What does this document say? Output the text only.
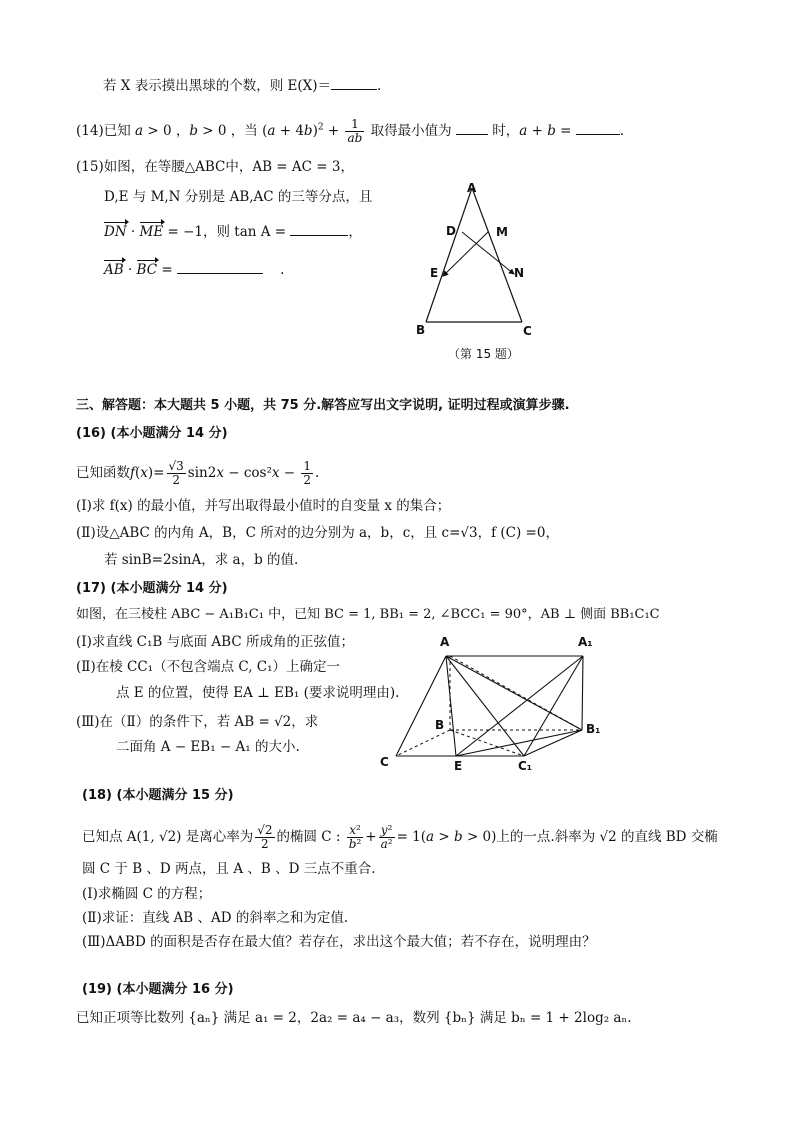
若 X 表示摸出黑球的个数，则 E(X)＝	.
(14)已知 a > 0 ，b > 0 ，当 $(a + 4b)^2 + \frac{1}{ab}$ 取得最小值为	时，a + b =	.
(15)如图，在等腰△ABC中，AB = AC = 3，
D,E 与 M,N 分别是 AB,AC 的三等分点，且
DN · ME = −1，则 tan A =	，
AB · BC =	.
A
D	M
E	N
B	C
（第 15 题）
三、解答题：本大题共 5 小题，共 75 分.解答应写出文字说明, 证明过程或演算步骤.
(16) (本小题满分 14 分)
已知函数$f(x)= \frac{√3}{2} \sin 2x - \cos^2x - \frac{1}{2}$ .
(Ⅰ)求 f(x) 的最小值，并写出取得最小值时的自变量 x 的集合；
(Ⅱ)设△ABC 的内角 A，B，C 所对的边分别为 a，b，c，且 c=√3，f (C) =0，
若 sinB=2sinA，求 a，b 的值.
(17) (本小题满分 14 分)
如图，在三棱柱 ABC − A₁B₁C₁ 中，已知 BC = 1, BB₁ = 2, ∠BCC₁ = 90°，AB ⊥ 侧面 BB₁C₁C
(Ⅰ)求直线 C₁B 与底面 ABC 所成角的正弦值；
(Ⅱ)在棱 CC₁（不包含端点 C, C₁）上确定一
点 E 的位置，使得 EA ⊥ EB₁ (要求说明理由).
(Ⅲ)在（Ⅱ）的条件下，若 AB = √2，求
二面角 A − EB₁ − A₁ 的大小.
A	A₁
B	B₁
C	E	C₁
(18) (本小题满分 15 分)
已知点 A(1, √2) 是离心率为 $\frac{√2}{2}$ 的椭圆 C : $\frac{\text{x²}}{\text{b²}} + \frac{\text{y²}}{\text{a²}} = 1(a > b > 0)$上的一点.斜率为 √2 的直线 BD 交椭
圆 C 于 B 、D 两点，且 A 、B 、D 三点不重合.
(Ⅰ)求椭圆 C 的方程；
(Ⅱ)求证：直线 AB 、AD 的斜率之和为定值.
(Ⅲ)ΔABD 的面积是否存在最大值？若存在，求出这个最大值；若不存在，说明理由？
(19) (本小题满分 16 分)
已知正项等比数列 {aₙ} 满足 a₁ = 2，2a₂ = a₄ − a₃，数列 {bₙ} 满足 bₙ = 1 + 2log₂ aₙ.
